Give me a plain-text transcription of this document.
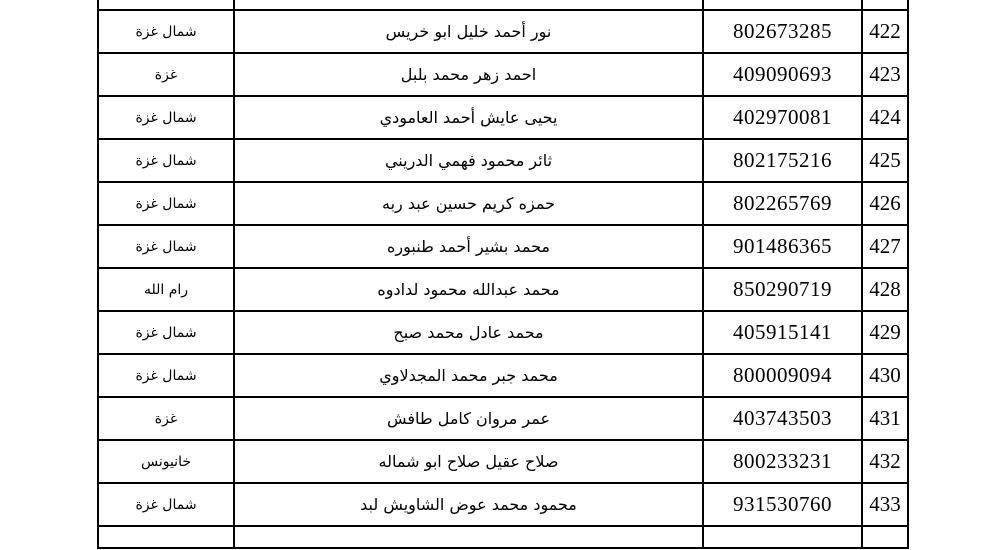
شمال غزة	نور أحمد خليل ابو خريس	802673285	422
غزة	احمد زهر محمد بلبل	409090693	423
شمال غزة	يحيى عايش أحمد العامودي	402970081	424
شمال غزة	ثائر محمود فهمي الدريني	802175216	425
شمال غزة	حمزه كريم حسين عبد ربه	802265769	426
شمال غزة	محمد بشير أحمد طنبوره	901486365	427
رام الله	محمد عبدالله محمود لدادوه	850290719	428
شمال غزة	محمد عادل محمد صبح	405915141	429
شمال غزة	محمد جبر محمد المجدلاوي	800009094	430
غزة	عمر مروان كامل طافش	403743503	431
خانيونس	صلاح عقيل صلاح ابو شماله	800233231	432
شمال غزة	محمود محمد عوض الشاويش لبد	931530760	433
